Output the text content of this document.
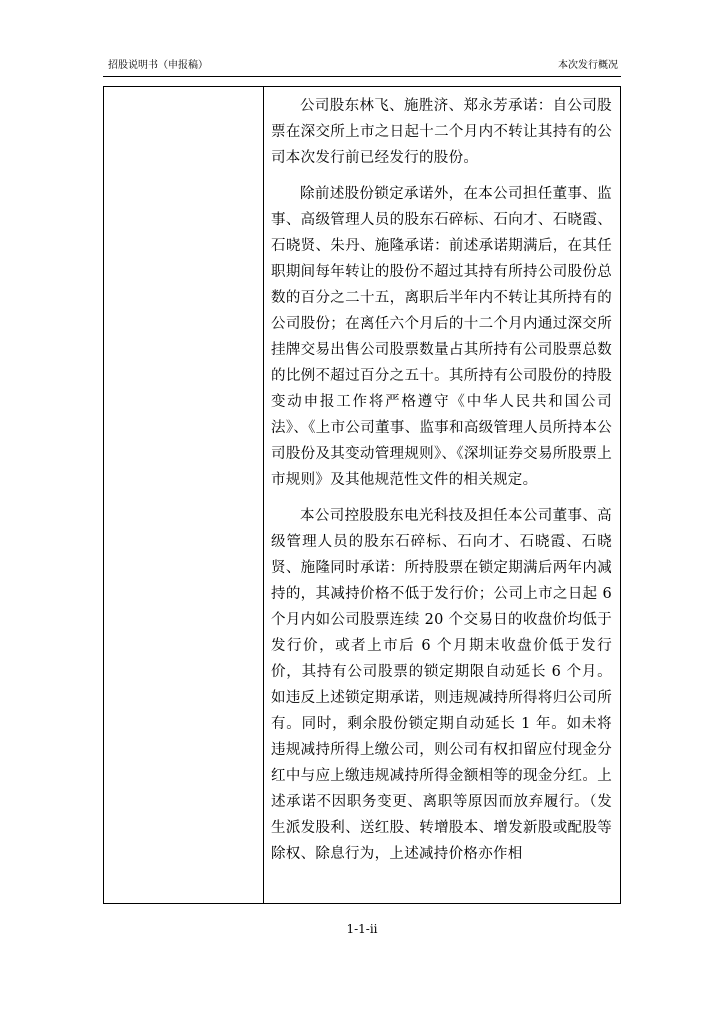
招股说明书（申报稿）	本次发行概况

公司股东林飞、施胜济、郑永芳承诺：自公司股票在深交所上市之日起十二个月内不转让其持有的公司本次发行前已经发行的股份。

除前述股份锁定承诺外，在本公司担任董事、监事、高级管理人员的股东石碎标、石向才、石晓霞、石晓贤、朱丹、施隆承诺：前述承诺期满后，在其任职期间每年转让的股份不超过其持有所持公司股份总数的百分之二十五，离职后半年内不转让其所持有的公司股份；在离任六个月后的十二个月内通过深交所挂牌交易出售公司股票数量占其所持有公司股票总数的比例不超过百分之五十。其所持有公司股份的持股变动申报工作将严格遵守《中华人民共和国公司法》、《上市公司董事、监事和高级管理人员所持本公司股份及其变动管理规则》、《深圳证券交易所股票上市规则》及其他规范性文件的相关规定。

本公司控股股东电光科技及担任本公司董事、高级管理人员的股东石碎标、石向才、石晓霞、石晓贤、施隆同时承诺：所持股票在锁定期满后两年内减持的，其减持价格不低于发行价；公司上市之日起 6 个月内如公司股票连续 20 个交易日的收盘价均低于发行价，或者上市后 6 个月期末收盘价低于发行价，其持有公司股票的锁定期限自动延长 6 个月。如违反上述锁定期承诺，则违规减持所得将归公司所有。同时，剩余股份锁定期自动延长 1 年。如未将违规减持所得上缴公司，则公司有权扣留应付现金分红中与应上缴违规减持所得金额相等的现金分红。上述承诺不因职务变更、离职等原因而放弃履行。（发生派发股利、送红股、转增股本、增发新股或配股等除权、除息行为，上述减持价格亦作相

1-1-ii
